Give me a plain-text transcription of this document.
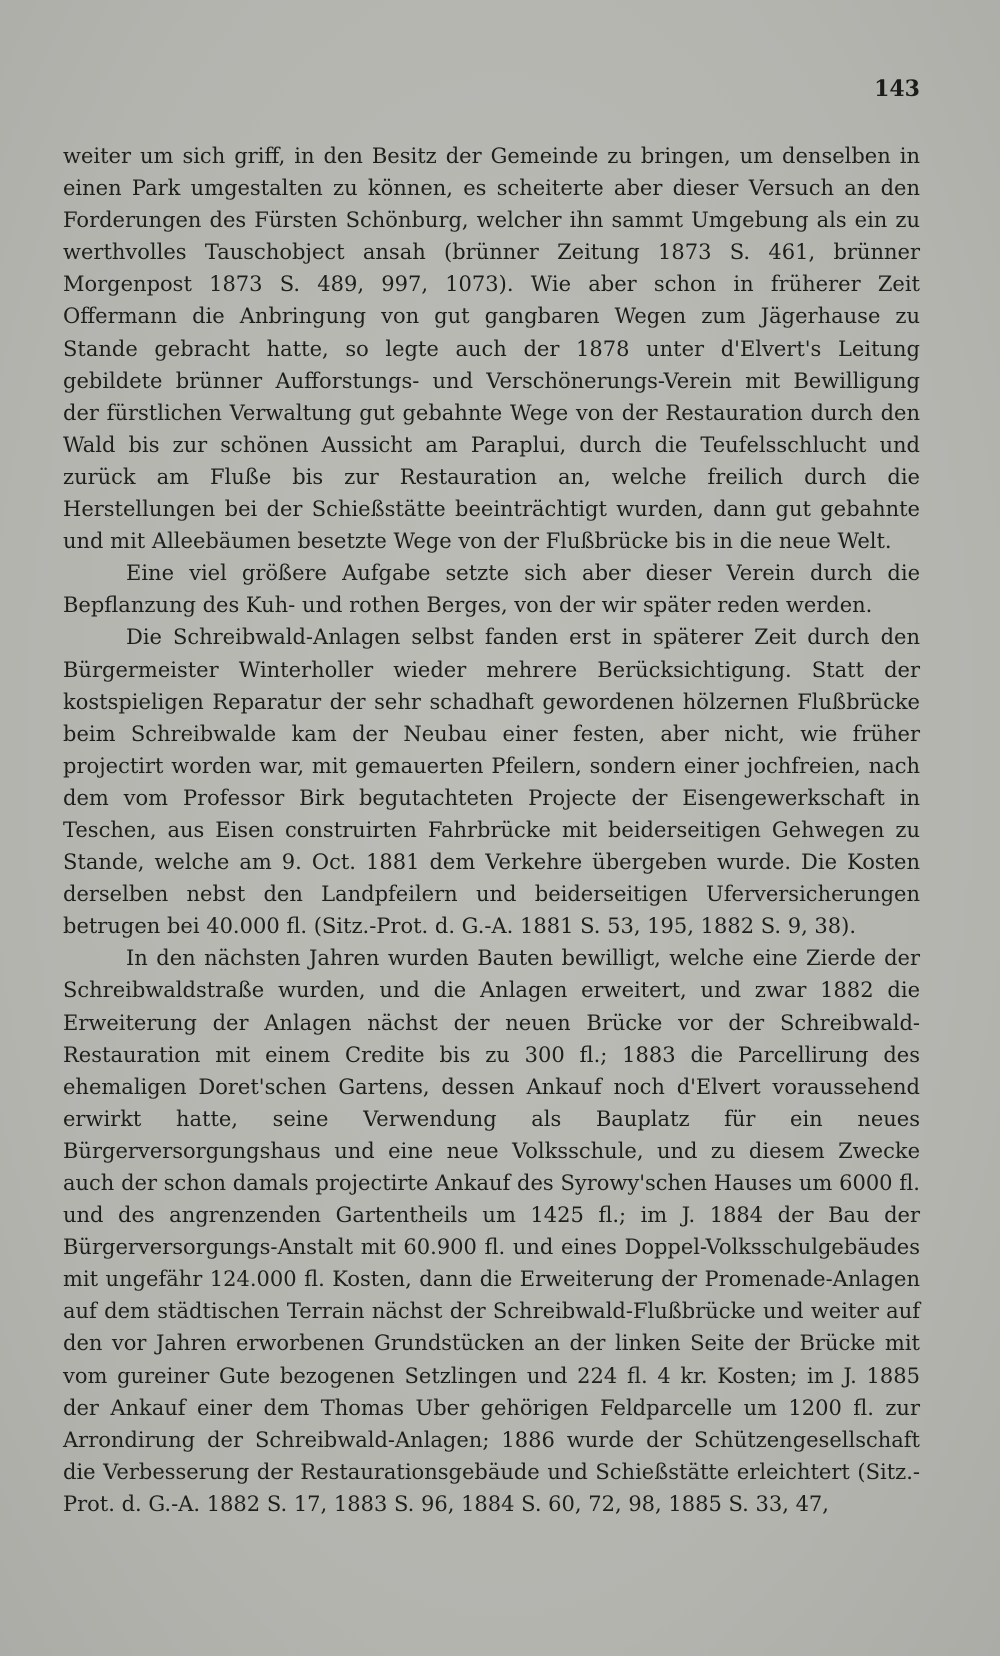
143

weiter um sich griff, in den Besitz der Gemeinde zu bringen, um denselben in einen Park umgestalten zu können, es scheiterte aber dieser Versuch an den Forderungen des Fürsten Schönburg, welcher ihn sammt Umgebung als ein zu werthvolles Tauschobject ansah (brünner Zeitung 1873 S. 461, brünner Morgenpost 1873 S. 489, 997, 1073). Wie aber schon in früherer Zeit Offermann die Anbringung von gut gangbaren Wegen zum Jägerhause zu Stande gebracht hatte, so legte auch der 1878 unter d'Elvert's Leitung gebildete brünner Aufforstungs- und Verschönerungs-Verein mit Bewilligung der fürstlichen Verwaltung gut gebahnte Wege von der Restauration durch den Wald bis zur schönen Aussicht am Paraplui, durch die Teufelsschlucht und zurück am Fluße bis zur Restauration an, welche freilich durch die Herstellungen bei der Schießstätte beeinträchtigt wurden, dann gut gebahnte und mit Alleebäumen besetzte Wege von der Flußbrücke bis in die neue Welt.

Eine viel größere Aufgabe setzte sich aber dieser Verein durch die Bepflanzung des Kuh- und rothen Berges, von der wir später reden werden.

Die Schreibwald-Anlagen selbst fanden erst in späterer Zeit durch den Bürgermeister Winterholler wieder mehrere Berücksichtigung. Statt der kostspieligen Reparatur der sehr schadhaft gewordenen hölzernen Flußbrücke beim Schreibwalde kam der Neubau einer festen, aber nicht, wie früher projectirt worden war, mit gemauerten Pfeilern, sondern einer jochfreien, nach dem vom Professor Birk begutachteten Projecte der Eisengewerkschaft in Teschen, aus Eisen construirten Fahrbrücke mit beiderseitigen Gehwegen zu Stande, welche am 9. Oct. 1881 dem Verkehre übergeben wurde. Die Kosten derselben nebst den Landpfeilern und beiderseitigen Uferversicherungen betrugen bei 40.000 fl. (Sitz.-Prot. d. G.-A. 1881 S. 53, 195, 1882 S. 9, 38).

In den nächsten Jahren wurden Bauten bewilligt, welche eine Zierde der Schreibwaldstraße wurden, und die Anlagen erweitert, und zwar 1882 die Erweiterung der Anlagen nächst der neuen Brücke vor der Schreibwald-Restauration mit einem Credite bis zu 300 fl.; 1883 die Parcellirung des ehemaligen Doret'schen Gartens, dessen Ankauf noch d'Elvert voraussehend erwirkt hatte, seine Verwendung als Bauplatz für ein neues Bürgerversorgungshaus und eine neue Volksschule, und zu diesem Zwecke auch der schon damals projectirte Ankauf des Syrowy'schen Hauses um 6000 fl. und des angrenzenden Gartentheils um 1425 fl.; im J. 1884 der Bau der Bürgerversorgungs-Anstalt mit 60.900 fl. und eines Doppel-Volksschulgebäudes mit ungefähr 124.000 fl. Kosten, dann die Erweiterung der Promenade-Anlagen auf dem städtischen Terrain nächst der Schreibwald-Flußbrücke und weiter auf den vor Jahren erworbenen Grundstücken an der linken Seite der Brücke mit vom gureiner Gute bezogenen Setzlingen und 224 fl. 4 kr. Kosten; im J. 1885 der Ankauf einer dem Thomas Uber gehörigen Feldparcelle um 1200 fl. zur Arrondirung der Schreibwald-Anlagen; 1886 wurde der Schützengesellschaft die Verbesserung der Restaurationsgebäude und Schießstätte erleichtert (Sitz.-Prot. d. G.-A. 1882 S. 17, 1883 S. 96, 1884 S. 60, 72, 98, 1885 S. 33, 47,
